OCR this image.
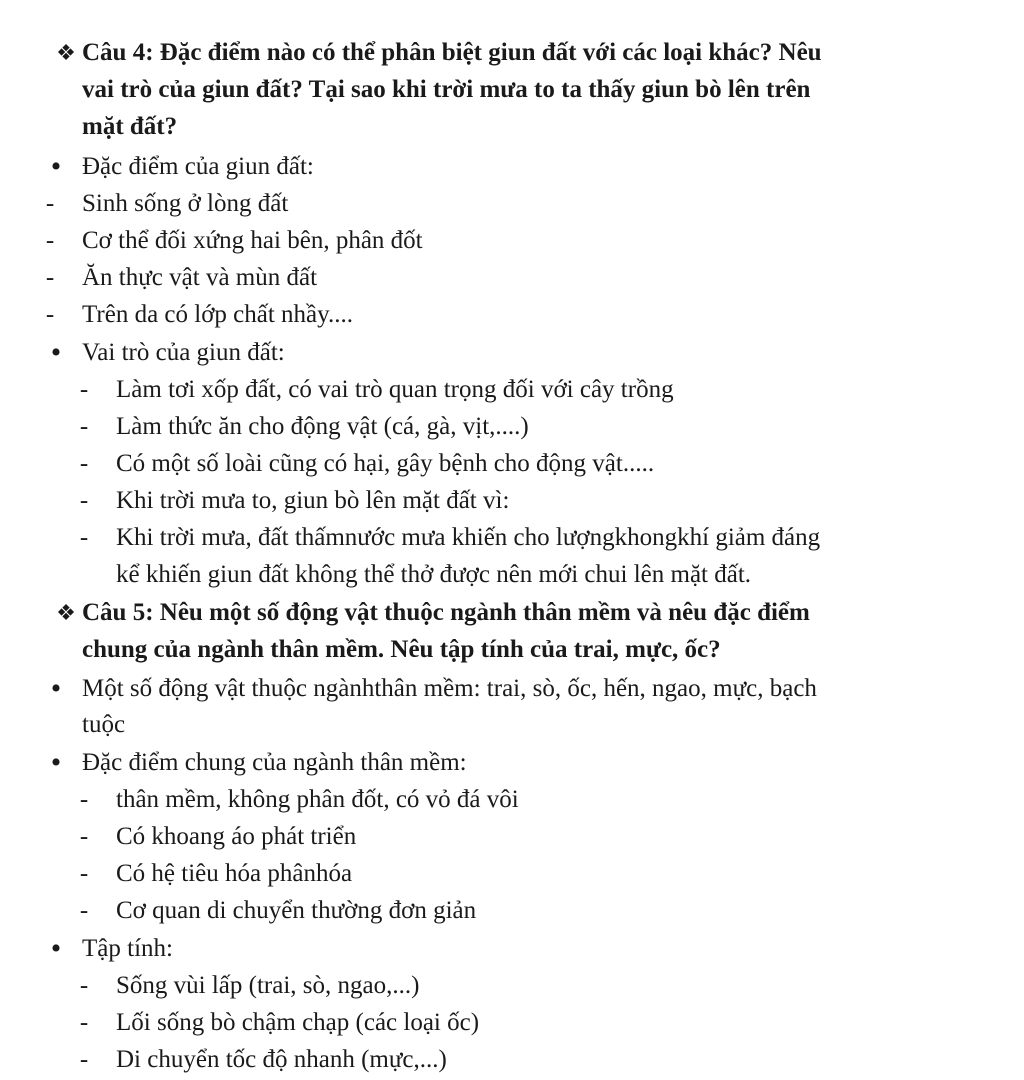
❖ Câu 4: Đặc điểm nào có thể phân biệt giun đất với các loại khác? Nêu
vai trò của giun đất? Tại sao khi trời mưa to ta thấy giun bò lên trên
mặt đất?
• Đặc điểm của giun đất:
-	Sinh sống ở lòng đất
-	Cơ thể đối xứng hai bên, phân đốt
-	Ăn thực vật và mùn đất
-	Trên da có lớp chất nhầy....
• Vai trò của giun đất:
-	Làm tơi xốp đất, có vai trò quan trọng đối với cây trồng
-	Làm thức ăn cho động vật (cá, gà, vịt,....)
-	Có một số loài cũng có hại, gây bệnh cho động vật.....
-	Khi trời mưa to, giun bò lên mặt đất vì:
-	Khi trời mưa, đất thấmnước mưa khiến cho lượngkhongkhí giảm đáng
kể khiến giun đất không thể thở được nên mới chui lên mặt đất.
❖ Câu 5: Nêu một số động vật thuộc ngành thân mềm và nêu đặc điểm
chung của ngành thân mềm. Nêu tập tính của trai, mực, ốc?
• Một số động vật thuộc ngànhthân mềm: trai, sò, ốc, hến, ngao, mực, bạch
tuộc
• Đặc điểm chung của ngành thân mềm:
-	thân mềm, không phân đốt, có vỏ đá vôi
-	Có khoang áo phát triển
-	Có hệ tiêu hóa phânhóa
-	Cơ quan di chuyển thường đơn giản
• Tập tính:
-	Sống vùi lấp (trai, sò, ngao,...)
-	Lối sống bò chậm chạp (các loại ốc)
-	Di chuyển tốc độ nhanh (mực,...)
